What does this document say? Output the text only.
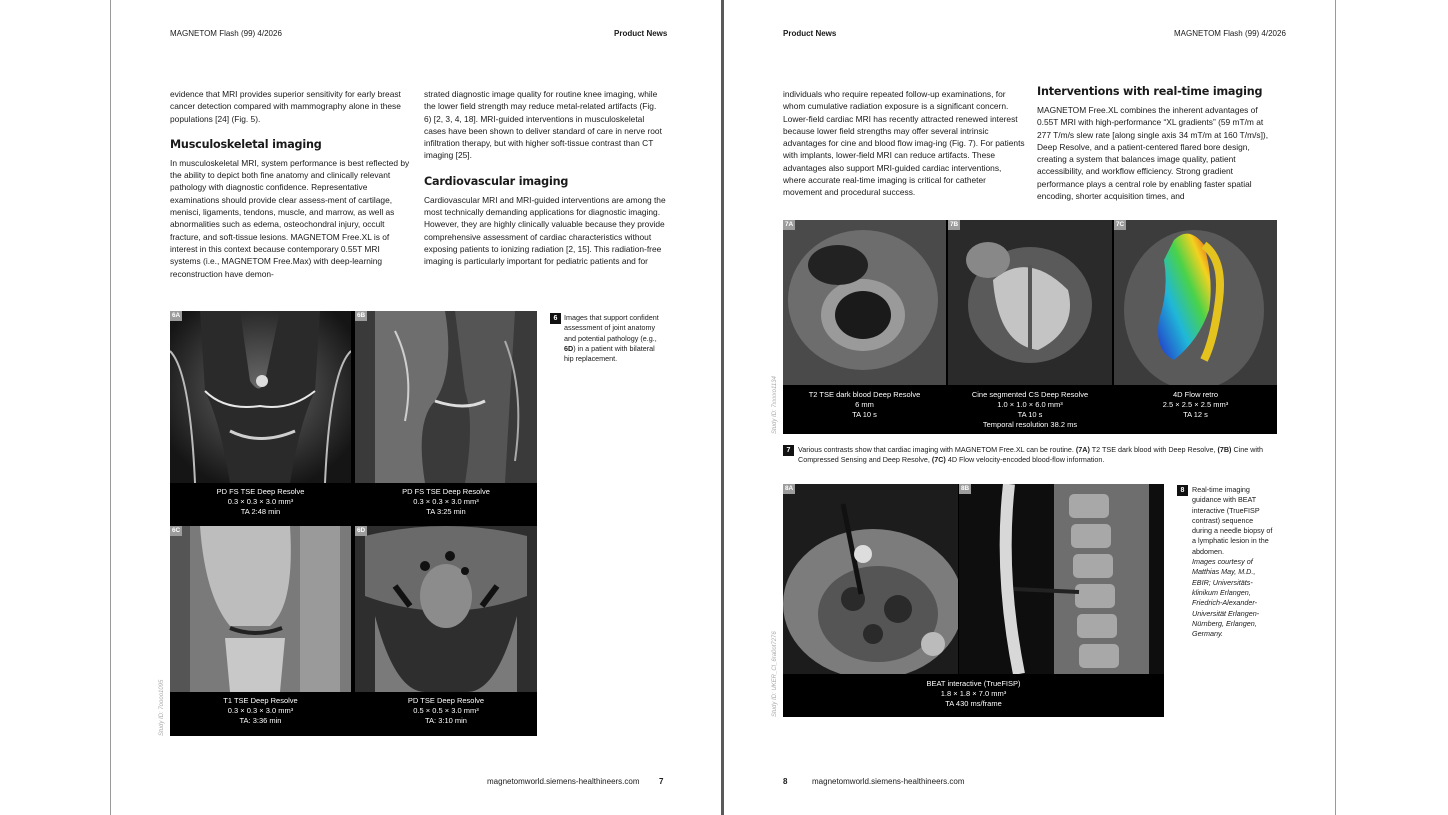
MAGNETOM Flash (99) 4/2026	Product News

evidence that MRI provides superior sensitivity for early breast cancer detection compared with mammography alone in these populations [24] (Fig. 5).

Musculoskeletal imaging

In musculoskeletal MRI, system performance is best reflected by the ability to depict both fine anatomy and clinically relevant pathology with diagnostic confidence. Representative examinations should provide clear assess-ment of cartilage, menisci, ligaments, tendons, muscle, and marrow, as well as abnormalities such as edema, osteochondral injury, occult fracture, and soft-tissue lesions. MAGNETOM Free.XL is of interest in this context because contemporary 0.55T MRI systems (i.e., MAGNETOM Free.Max) with deep-learning reconstruction have demon-

strated diagnostic image quality for routine knee imaging, while the lower field strength may reduce metal-related artifacts (Fig. 6) [2, 3, 4, 18]. MRI-guided interventions in musculoskeletal cases have been shown to deliver standard of care in nerve root infiltration therapy, but with higher soft-tissue contrast than CT imaging [25].

Cardiovascular imaging

Cardiovascular MRI and MRI-guided interventions are among the most technically demanding applications for diagnostic imaging. However, they are highly clinically valuable because they provide comprehensive assessment of cardiac characteristics without exposing patients to ionizing radiation [2, 15]. This radiation-free imaging is particularly important for pediatric patients and for

6A
PD FS TSE Deep Resolve
0.3 × 0.3 × 3.0 mm³
TA 2:48 min
6B
PD FS TSE Deep Resolve
0.3 × 0.3 × 3.0 mm³
TA 3:25 min
6C
T1 TSE Deep Resolve
0.3 × 0.3 × 3.0 mm³
TA: 3:36 min
6D
PD TSE Deep Resolve
0.5 × 0.5 × 3.0 mm³
TA: 3:10 min
Study ID: 7oooo1095
6 Images that support confident assessment of joint anatomy and potential pathology (e.g., 6D) in a patient with bilateral hip replacement.
magnetomworld.siemens-healthineers.com 7
Product News	MAGNETOM Flash (99) 4/2026

individuals who require repeated follow-up examinations, for whom cumulative radiation exposure is a significant concern. Lower-field cardiac MRI has recently attracted renewed interest because lower field strengths may offer several intrinsic advantages for cine and blood flow imag-ing (Fig. 7). For patients with implants, lower-field MRI can reduce artifacts. These advantages also support MRI-guided cardiac interventions, where accurate real-time imaging is critical for catheter movement and procedural success.

Interventions with real-time imaging

MAGNETOM Free.XL combines the inherent advantages of 0.55T MRI with high-performance “XL gradients” (59 mT/m at 277 T/m/s slew rate [along single axis 34 mT/m at 160 T/m/s]), Deep Resolve, and a patient-centered flared bore design, creating a system that balances image quality, patient accessibility, and workflow efficiency. Strong gradient performance plays a central role by enabling faster spatial encoding, shorter acquisition times, and

7A
T2 TSE dark blood Deep Resolve
6 mm
TA 10 s
7B
Cine segmented CS Deep Resolve
1.0 × 1.0 × 6.0 mm³
TA 10 s
7C
4D Flow retro
2.5 × 2.5 × 2.5 mm³
TA 12 s
Temporal resolution 38.2 ms
Study ID: 7xxxxo1134
7	Various contrasts show that cardiac imaging with MAGNETOM Free.XL can be routine. (7A) T2 TSE dark blood with Deep Resolve, (7B) Cine with Compressed Sensing and Deep Resolve, (7C) 4D Flow velocity-encoded blood-flow information.
8A	8B
BEAT interactive (TrueFISP)
1.8 × 1.8 × 7.0 mm³
TA 430 ms/frame
Study ID: UKER_Cl_6ra0ot7276
8	Real-time imaging guidance with BEAT interactive (TrueFISP contrast) sequence during a needle biopsy of a lymphatic lesion in the abdomen.
Images courtesy of Matthias May, M.D., EBIR; Universitäts-klinikum Erlangen, Friedrich-Alexander-Universität Erlangen-Nürnberg, Erlangen, Germany.
8	magnetomworld.siemens-healthineers.com
